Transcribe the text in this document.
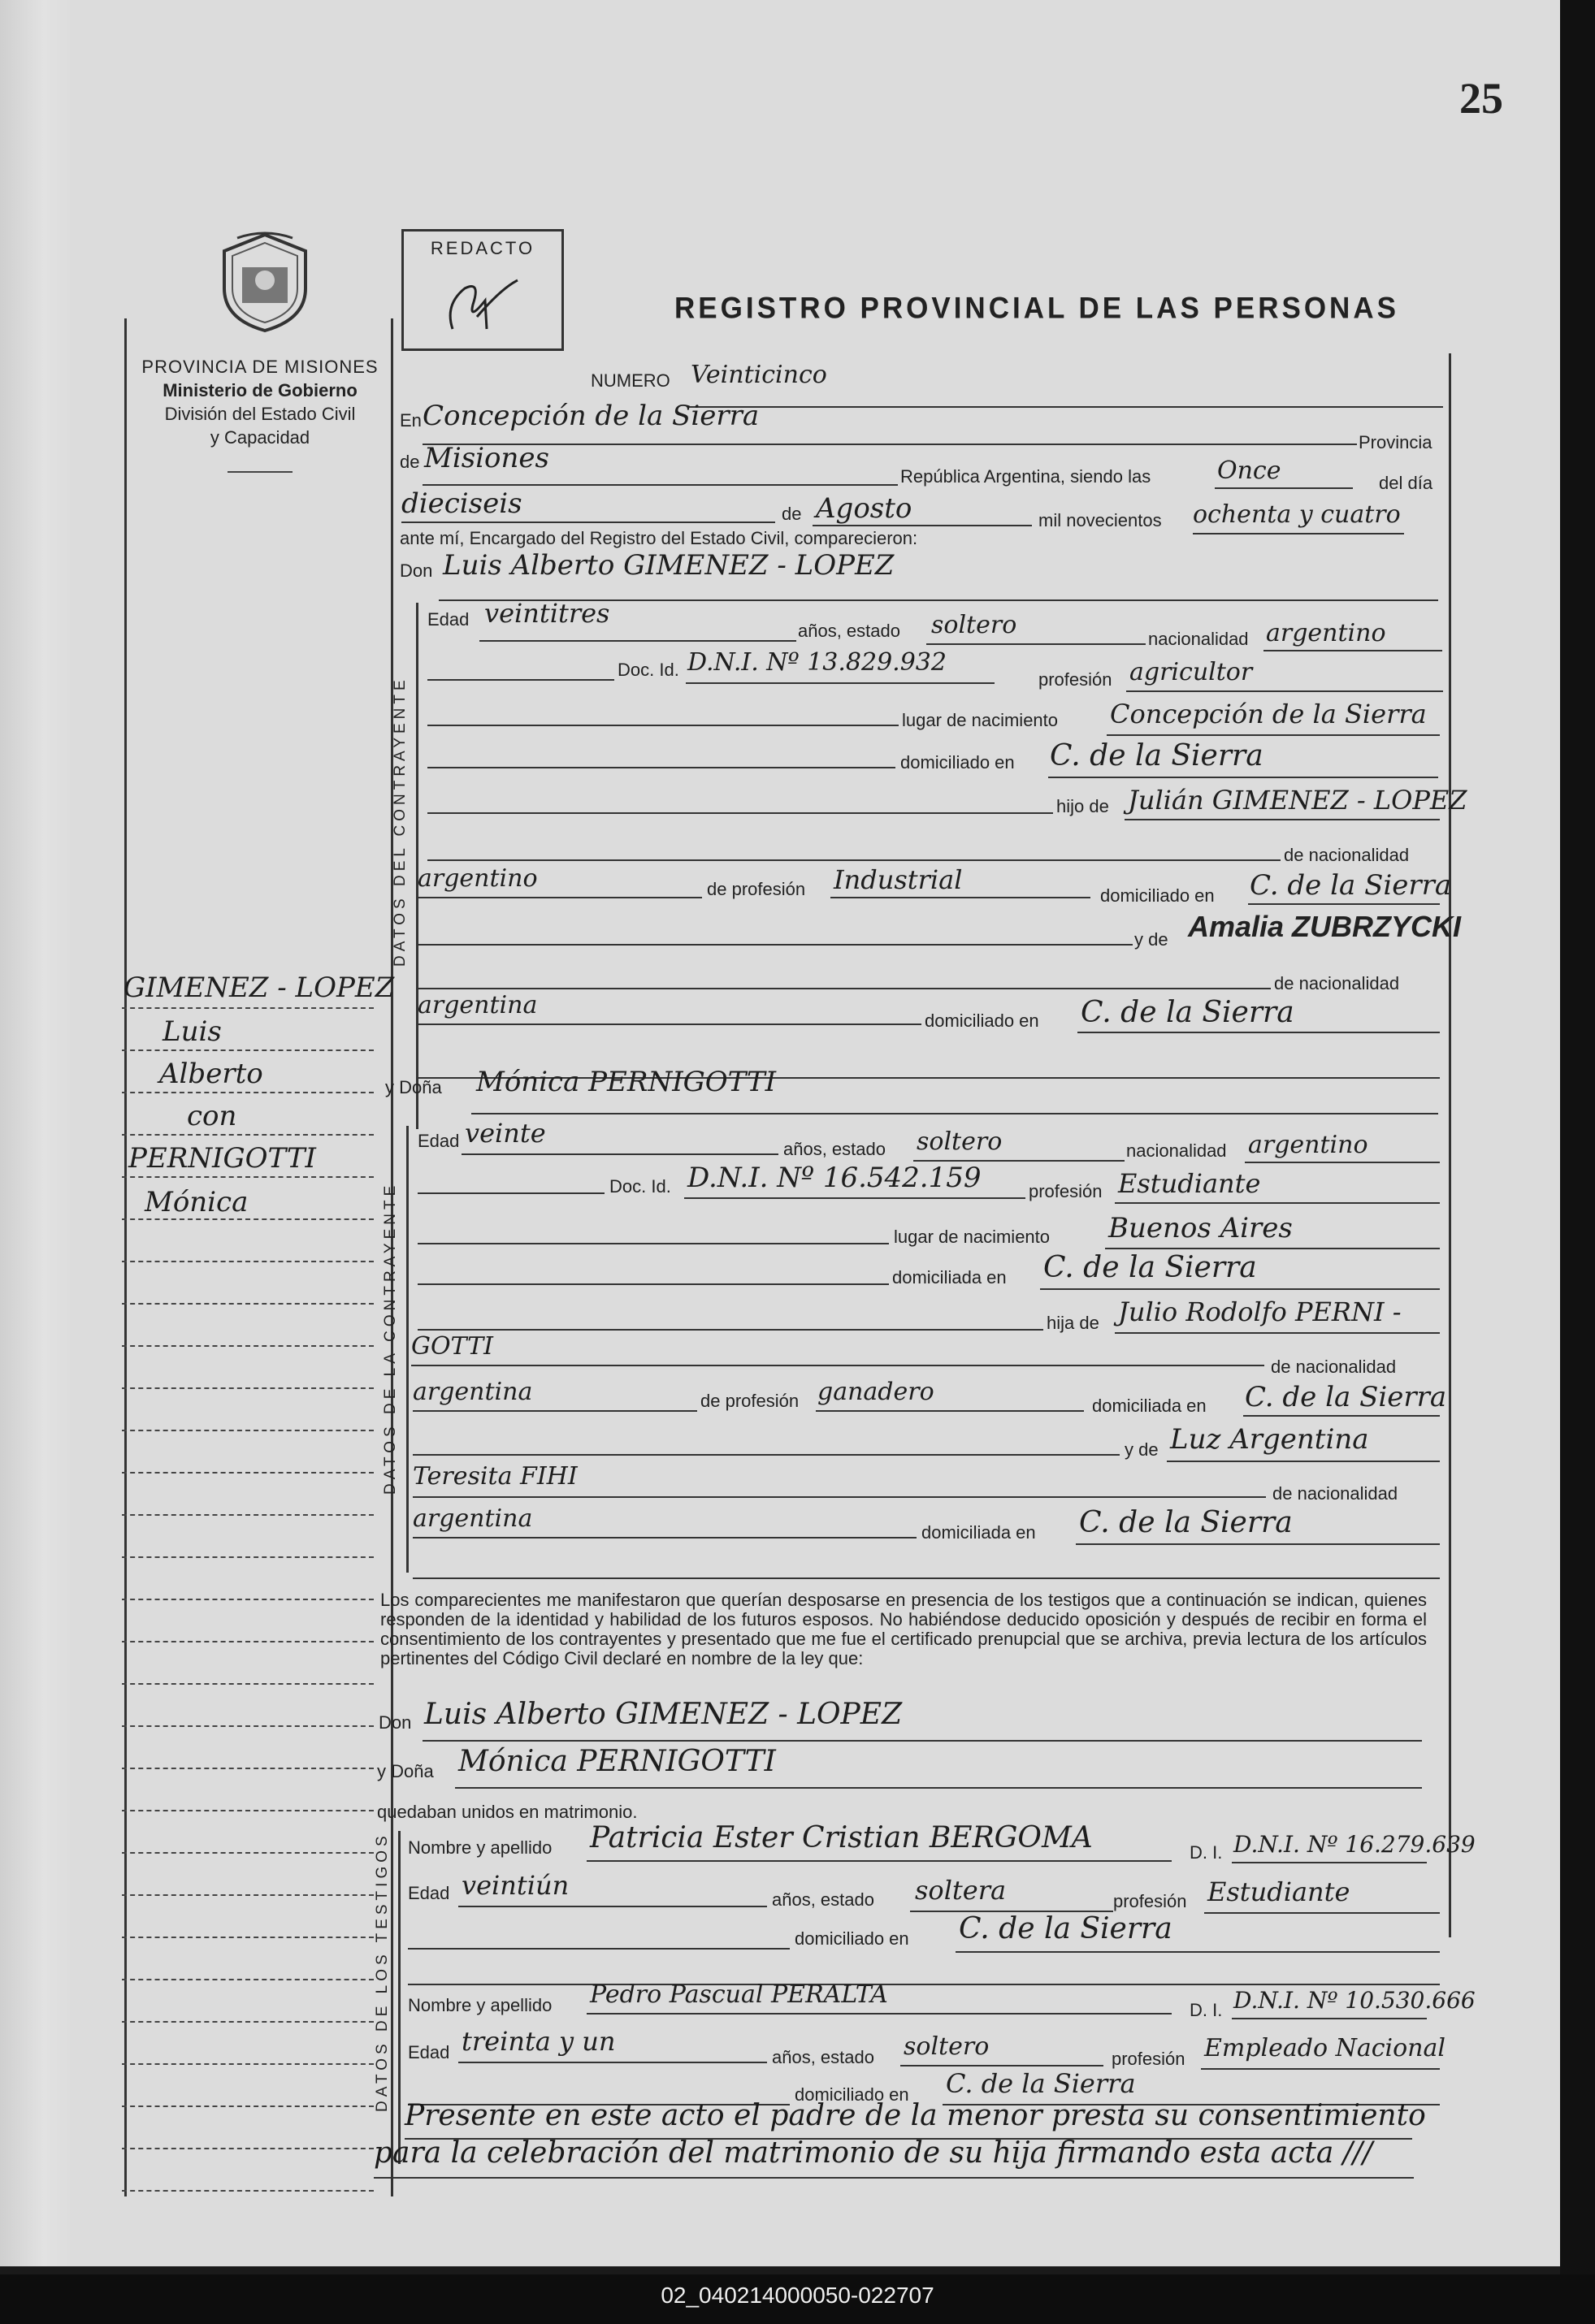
25
PROVINCIA DE MISIONES
Ministerio de Gobierno
División del Estado Civil
y Capacidad
REDACTO
REGISTRO PROVINCIAL DE LAS PERSONAS
GIMENEZ - LOPEZ
Luis
Alberto
con
PERNIGOTTI
Mónica
NUMERO Veinticinco
En Concepción de la Sierra
Provincia
de Misiones
República Argentina, siendo las	Once	del día
dieciseis	de Agosto	mil novecientos ochenta y cuatro
ante mí, Encargado del Registro del Estado Civil, comparecieron:
Don Luis Alberto GIMENEZ - LOPEZ
DATOS DEL CONTRAYENTE
Edad veintitres
años, estado soltero	nacionalidad argentino
Doc. Id. D.N.I. Nº 13.829.932
profesión agricultor
lugar de nacimiento Concepción de la Sierra
domiciliado en C. de la Sierra
hijo de Julián GIMENEZ - LOPEZ
de nacionalidad
argentino	de profesión Industrial
domiciliado en C. de la Sierra
y de Amalia ZUBRZYCKI
de nacionalidad
argentina
domiciliado en C. de la Sierra
y Doña Mónica PERNIGOTTI
DATOS DE LA CONTRAYENTE
Edad veinte
años, estado soltero	nacionalidad argentino
Doc. Id. D.N.I. Nº 16.542.159	profesión Estudiante
lugar de nacimiento Buenos Aires
domiciliada en C. de la Sierra
hija de Julio Rodolfo PERNI -
GOTTI
de nacionalidad
argentina	de profesión ganadero	domiciliada en C. de la Sierra
y de Luz Argentina
Teresita FIHI
de nacionalidad
argentina	domiciliada en C. de la Sierra
Los comparecientes me manifestaron que querían desposarse en presencia de los testigos que a continuación se indican, quienes responden de la identidad y habilidad de los futuros esposos. No habiéndose deducido oposición y después de recibir en forma el consentimiento de los contrayentes y presentado que me fue el certificado prenupcial que se archiva, previa lectura de los artículos pertinentes del Código Civil declaré en nombre de la ley que:
Don Luis Alberto GIMENEZ - LOPEZ
y Doña Mónica PERNIGOTTI
quedaban unidos en matrimonio.
DATOS DE LOS TESTIGOS Nombre y apellido Patricia Ester Cristian BERGOMA	D. I. D.N.I. Nº 16.279.639
Edad veintiún	años, estado soltera	profesión Estudiante
domiciliado en C. de la Sierra
Nombre y apellido Pedro Pascual PERALTA
D. I. D.N.I. Nº 10.530.666
Edad treinta y un
años, estado soltero	profesión Empleado Nacional
domiciliado en C. de la Sierra
Presente en este acto el padre de la menor presta su consentimiento
para la celebración del matrimonio de su hija firmando esta acta ///
02_040214000050-022707
